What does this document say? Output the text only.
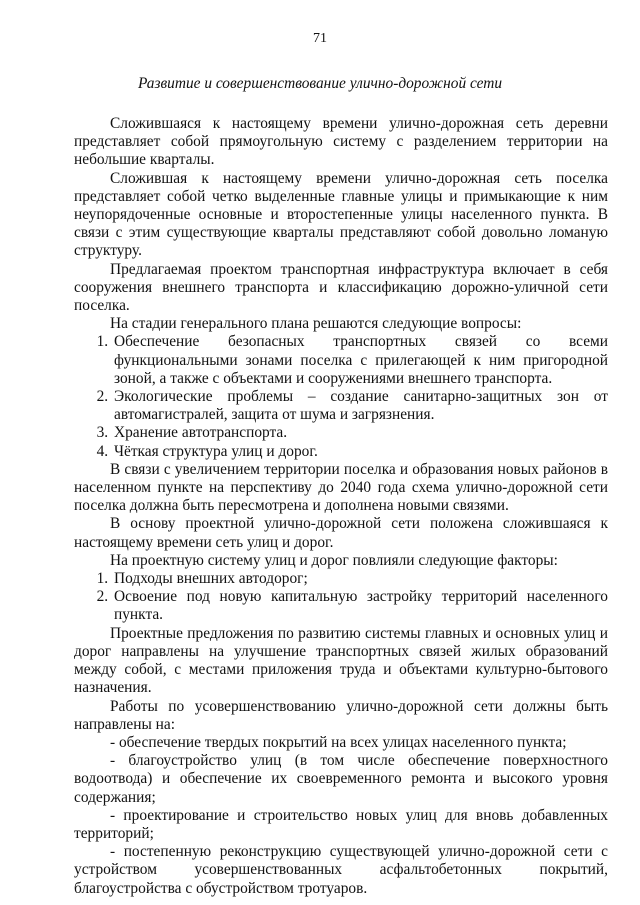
71
Развитие и совершенствование улично-дорожной сети

Сложившаяся к настоящему времени улично-дорожная сеть деревни представляет собой прямоугольную систему с разделением территории на небольшие кварталы.

Сложившая к настоящему времени улично-дорожная сеть поселка представляет собой четко выделенные главные улицы и примыкающие к ним неупорядоченные основные и второстепенные улицы населенного пункта. В связи с этим существующие кварталы представляют собой довольно ломаную структуру.

Предлагаемая проектом транспортная инфраструктура включает в себя сооружения внешнего транспорта и классификацию дорожно-уличной сети поселка.

На стадии генерального плана решаются следующие вопросы:

1. Обеспечение безопасных транспортных связей со всеми функциональными зонами поселка с прилегающей к ним пригородной зоной, а также с объектами и сооружениями внешнего транспорта.
2. Экологические проблемы – создание санитарно-защитных зон от автомагистралей, защита от шума и загрязнения.
3. Хранение автотранспорта.
4. Чёткая структура улиц и дорог.

В связи с увеличением территории поселка и образования новых районов в населенном пункте на перспективу до 2040 года схема улично-дорожной сети поселка должна быть пересмотрена и дополнена новыми связями.

В основу проектной улично-дорожной сети положена сложившаяся к настоящему времени сеть улиц и дорог.

На проектную систему улиц и дорог повлияли следующие факторы:

1. Подходы внешних автодорог;
2. Освоение под новую капитальную застройку территорий населенного пункта.

Проектные предложения по развитию системы главных и основных улиц и дорог направлены на улучшение транспортных связей жилых образований между собой, с местами приложения труда и объектами культурно-бытового назначения.

Работы по усовершенствованию улично-дорожной сети должны быть направлены на:

- обеспечение твердых покрытий на всех улицах населенного пункта;

- благоустройство улиц (в том числе обеспечение поверхностного водоотвода) и обеспечение их своевременного ремонта и высокого уровня содержания;

- проектирование и строительство новых улиц для вновь добавленных территорий;

- постепенную реконструкцию существующей улично-дорожной сети с устройством усовершенствованных асфальтобетонных покрытий, благоустройства с обустройством тротуаров.
